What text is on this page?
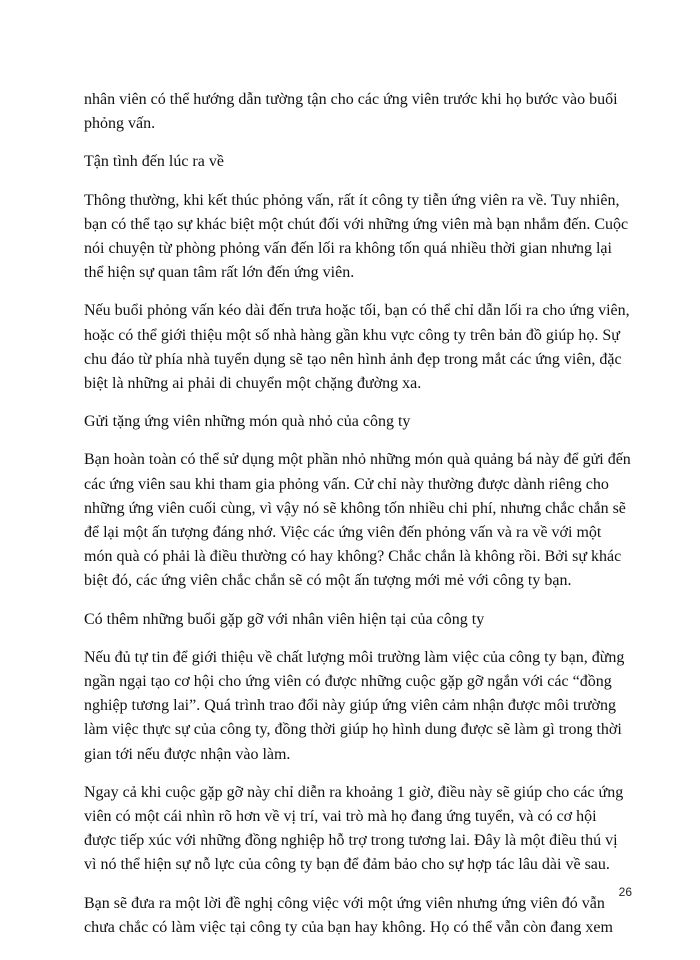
nhân viên có thể hướng dẫn tường tận cho các ứng viên trước khi họ bước vào buổi phỏng vấn.

Tận tình đến lúc ra về

Thông thường, khi kết thúc phỏng vấn, rất ít công ty tiễn ứng viên ra về. Tuy nhiên, bạn có thể tạo sự khác biệt một chút đối với những ứng viên mà bạn nhắm đến. Cuộc nói chuyện từ phòng phỏng vấn đến lối ra không tốn quá nhiều thời gian nhưng lại thể hiện sự quan tâm rất lớn đến ứng viên.

Nếu buổi phỏng vấn kéo dài đến trưa hoặc tối, bạn có thể chỉ dẫn lối ra cho ứng viên, hoặc có thể giới thiệu một số nhà hàng gần khu vực công ty trên bản đồ giúp họ. Sự chu đáo từ phía nhà tuyển dụng sẽ tạo nên hình ảnh đẹp trong mắt các ứng viên, đặc biệt là những ai phải di chuyển một chặng đường xa.

Gửi tặng ứng viên những món quà nhỏ của công ty

Bạn hoàn toàn có thể sử dụng một phần nhỏ những món quà quảng bá này để gửi đến các ứng viên sau khi tham gia phỏng vấn. Cử chỉ này thường được dành riêng cho những ứng viên cuối cùng, vì vậy nó sẽ không tốn nhiều chi phí, nhưng chắc chắn sẽ để lại một ấn tượng đáng nhớ. Việc các ứng viên đến phỏng vấn và ra về với một món quà có phải là điều thường có hay không? Chắc chắn là không rồi. Bởi sự khác biệt đó, các ứng viên chắc chắn sẽ có một ấn tượng mới mẻ với công ty bạn.

Có thêm những buổi gặp gỡ với nhân viên hiện tại của công ty

Nếu đủ tự tin để giới thiệu về chất lượng môi trường làm việc của công ty bạn, đừng ngần ngại tạo cơ hội cho ứng viên có được những cuộc gặp gỡ ngắn với các “đồng nghiệp tương lai”. Quá trình trao đổi này giúp ứng viên cảm nhận được môi trường làm việc thực sự của công ty, đồng thời giúp họ hình dung được sẽ làm gì trong thời gian tới nếu được nhận vào làm.

Ngay cả khi cuộc gặp gỡ này chỉ diễn ra khoảng 1 giờ, điều này sẽ giúp cho các ứng viên có một cái nhìn rõ hơn về vị trí, vai trò mà họ đang ứng tuyển, và có cơ hội được tiếp xúc với những đồng nghiệp hỗ trợ trong tương lai. Đây là một điều thú vị vì nó thể hiện sự nỗ lực của công ty bạn để đảm bảo cho sự hợp tác lâu dài về sau.

Bạn sẽ đưa ra một lời đề nghị công việc với một ứng viên nhưng ứng viên đó vẫn chưa chắc có làm việc tại công ty của bạn hay không. Họ có thể vẫn còn đang xem

26
